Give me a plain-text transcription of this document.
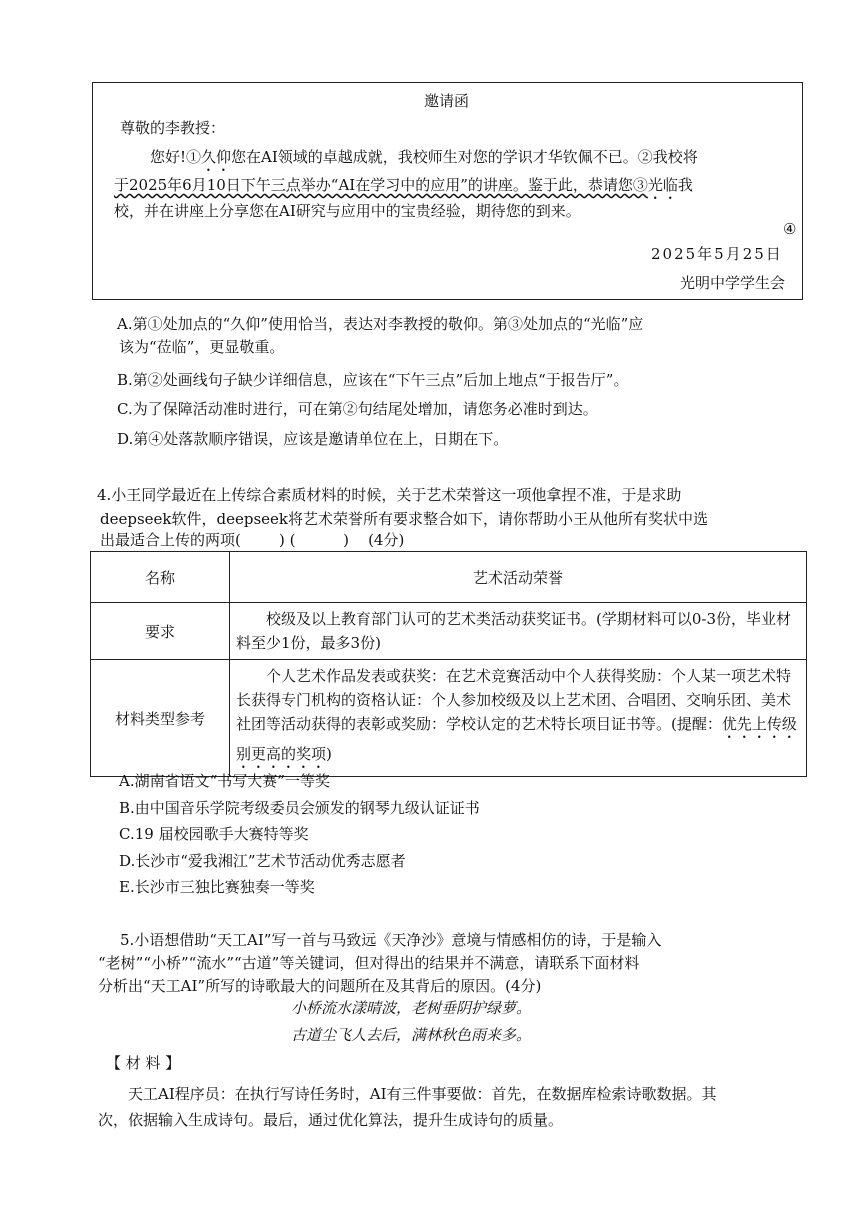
邀请函
尊敬的李教授：
您好!①久仰您在AI领域的卓越成就，我校师生对您的学识才华钦佩不已。②我校将
于2025年6月10日下午三点举办“AI在学习中的应用”的讲座。鉴于此，恭请您③光临我
校，并在讲座上分享您在AI研究与应用中的宝贵经验，期待您的到来。
④
2025年5月25日
光明中学学生会
A.第①处加点的“久仰”使用恰当，表达对李教授的敬仰。第③处加点的“光临”应
该为“莅临”，更显敬重。
B.第②处画线句子缺少详细信息，应该在“下午三点”后加上地点“于报告厅”。
C.为了保障活动准时进行，可在第②句结尾处增加，请您务必准时到达。
D.第④处落款顺序错误，应该是邀请单位在上，日期在下。
4.小王同学最近在上传综合素质材料的时候，关于艺术荣誉这一项他拿捏不准，于是求助
deepseek软件，deepseek将艺术荣誉所有要求整合如下，请你帮助小王从他所有奖状中选
出最适合上传的两项(        ) (          )    (4分)
名称	艺术活动荣誉
要求	校级及以上教育部门认可的艺术类活动获奖证书。(学期材料可以0-3份，毕业材料至少1份，最多3份)
材料类型参考	个人艺术作品发表或获奖：在艺术竞赛活动中个人获得奖励：个人某一项艺术特长获得专门机构的资格认证：个人参加校级及以上艺术团、合唱团、交响乐团、美术社团等活动获得的表彰或奖励：学校认定的艺术特长项目证书等。(提醒：优先上传级别更高的奖项)
A.湖南省语文“书写大赛”一等奖
B.由中国音乐学院考级委员会颁发的钢琴九级认证证书
C.19 届校园歌手大赛特等奖
D.长沙市“爱我湘江”艺术节活动优秀志愿者
E.长沙市三独比赛独奏一等奖
5.小语想借助“天工AI”写一首与马致远《天净沙》意境与情感相仿的诗，于是输入
“老树”“小桥”“流水”“古道”等关键词，但对得出的结果并不满意，请联系下面材料
分析出“天工AI”所写的诗歌最大的问题所在及其背后的原因。(4分)
小桥流水漾晴波，老树垂阴护绿萝。
古道尘飞人去后，满林秋色雨来多。
【 材 料 】
天工AI程序员：在执行写诗任务时，AI有三件事要做：首先，在数据库检索诗歌数据。其
次，依据输入生成诗句。最后，通过优化算法，提升生成诗句的质量。
